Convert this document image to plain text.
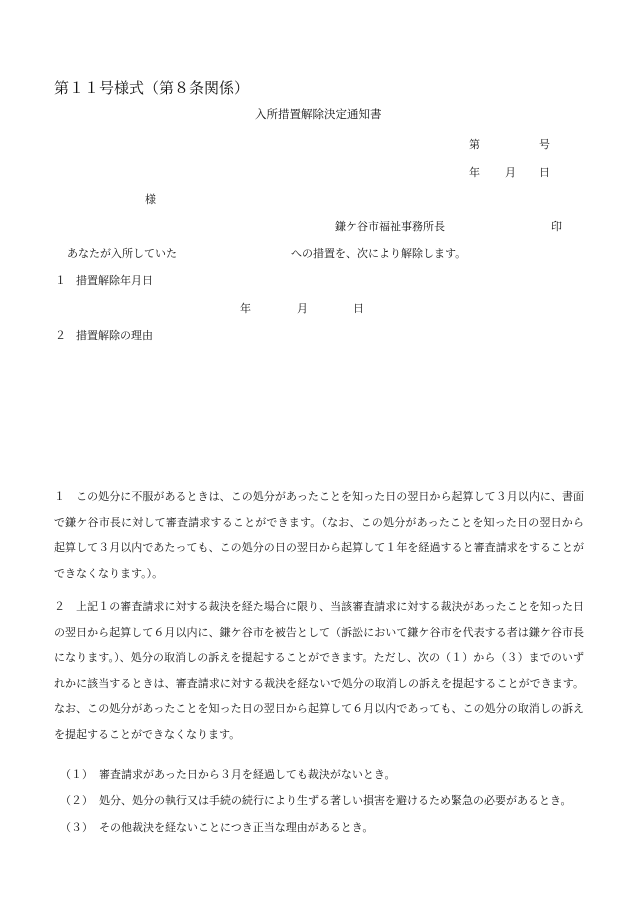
第１１号様式（第８条関係）
入所措置解除決定通知書
第	号
年 月 日
様
鎌ケ谷市福祉事務所長	印
あなたが入所していた	への措置を、次により解除します。
１ 措置解除年月日
年	月	日
２ 措置解除の理由
１　この処分に不服があるときは、この処分があったことを知った日の翌日から起算して３月以内に、書面で鎌ケ谷市長に対して審査請求することができます。（なお、この処分があったことを知った日の翌日から起算して３月以内であたっても、この処分の日の翌日から起算して１年を経過すると審査請求をすることができなくなります。）。
２　上記１の審査請求に対する裁決を経た場合に限り、当該審査請求に対する裁決があったことを知った日の翌日から起算して６月以内に、鎌ケ谷市を被告として（訴訟において鎌ケ谷市を代表する者は鎌ケ谷市長になります。）、処分の取消しの訴えを提起することができます。ただし、次の（１）から（３）までのいずれかに該当するときは、審査請求に対する裁決を経ないで処分の取消しの訴えを提起することができます。なお、この処分があったことを知った日の翌日から起算して６月以内であっても、この処分の取消しの訴えを提起することができなくなります。
（１） 審査請求があった日から３月を経過しても裁決がないとき。
（２） 処分、処分の執行又は手続の続行により生ずる著しい損害を避けるため緊急の必要があるとき。
（３） その他裁決を経ないことにつき正当な理由があるとき。
